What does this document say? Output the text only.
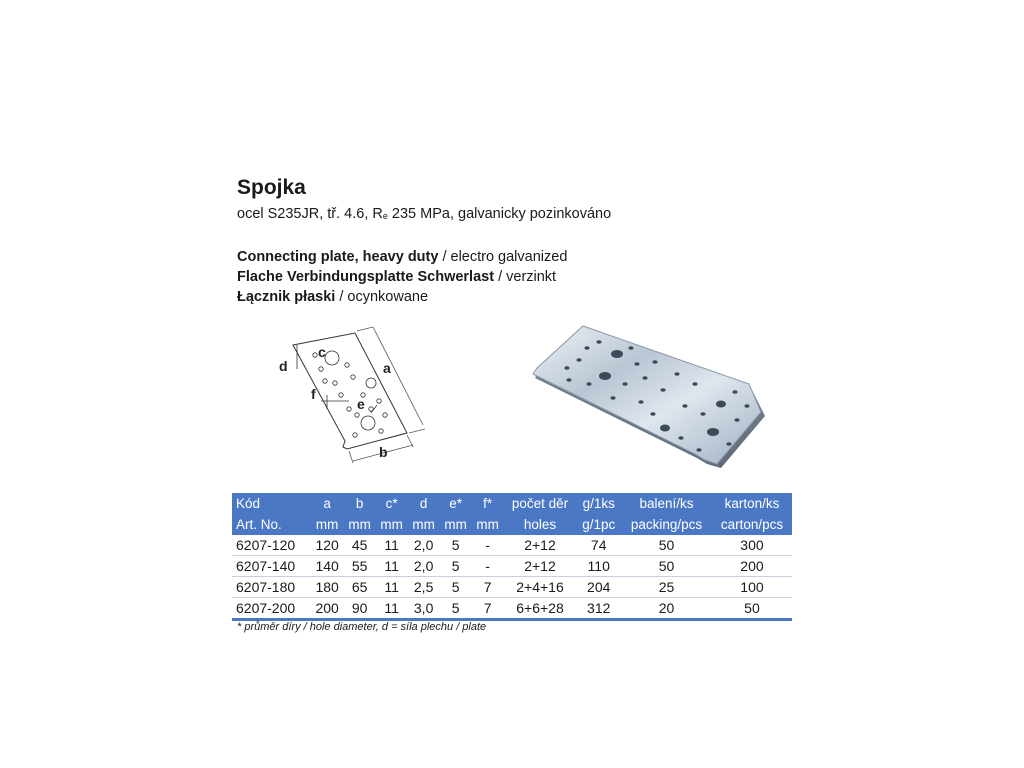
Spojka
ocel S235JR, tř. 4.6, Re 235 MPa, galvanicky pozinkováno
Connecting plate, heavy duty / electro galvanized
Flache Verbindungsplatte Schwerlast / verzinkt
Łącznik płaski / ocynkowane
d
c
a
f
e
b
Kód	a	b	c*	d	e*	f*	počet děr	g/1ks	balení/ks	karton/ks
Art. No.	mm	mm	mm	mm	mm	mm	holes	g/1pc	packing/pcs	carton/pcs
6207-120	120	45	11	2,0	5	-	2+12	74	50	300
6207-140	140	55	11	2,0	5	-	2+12	110	50	200
6207-180	180	65	11	2,5	5	7	2+4+16	204	25	100
6207-200	200	90	11	3,0	5	7	6+6+28	312	20	50
* průměr díry / hole diameter, d = síla plechu / plate
